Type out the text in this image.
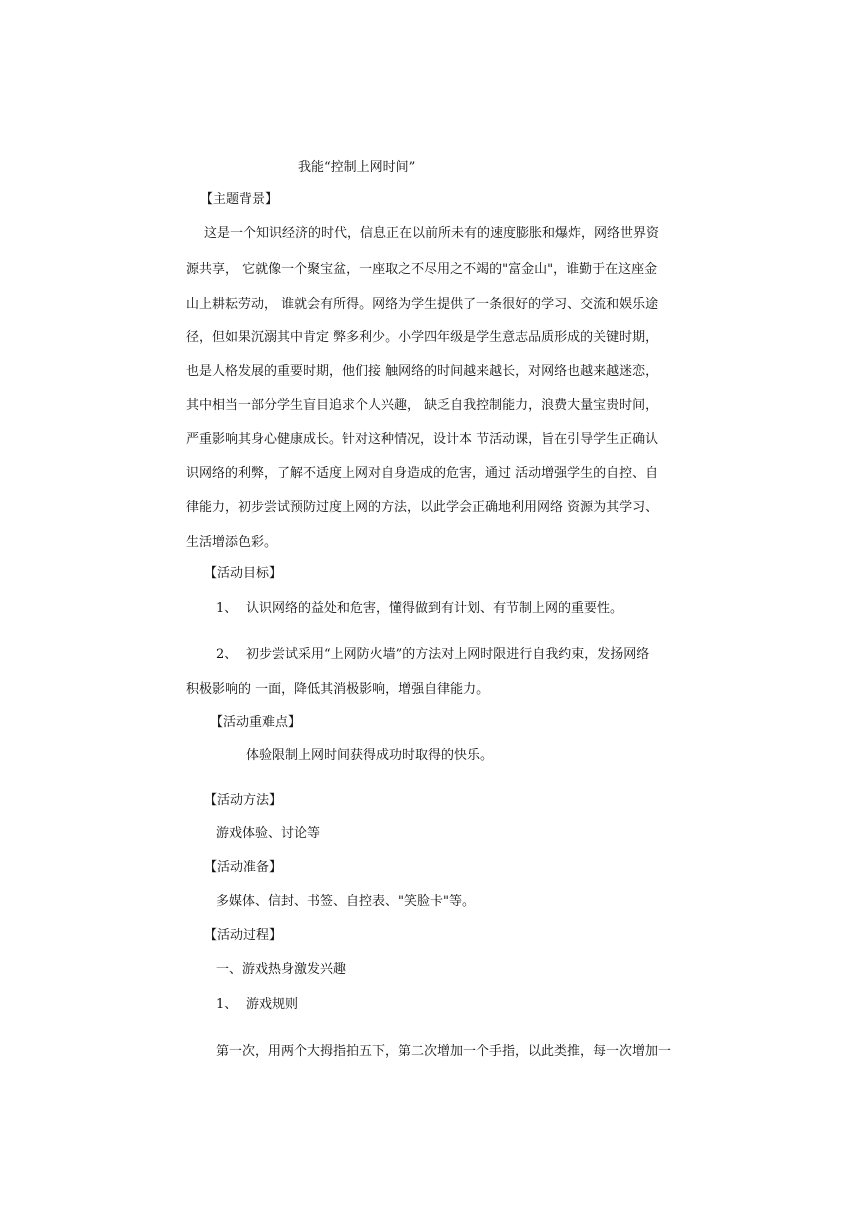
我能“控制上网时间”
【主题背景】
这是一个知识经济的时代，信息正在以前所未有的速度膨胀和爆炸，网络世界资
源共享， 它就像一个聚宝盆，一座取之不尽用之不竭的"富金山"，谁勤于在这座金
山上耕耘劳动， 谁就会有所得。网络为学生提供了一条很好的学习、交流和娱乐途
径，但如果沉溺其中肯定 弊多利少。小学四年级是学生意志品质形成的关键时期，
也是人格发展的重要时期，他们接 触网络的时间越来越长，对网络也越来越迷恋，
其中相当一部分学生盲目追求个人兴趣， 缺乏自我控制能力，浪费大量宝贵时间，
严重影响其身心健康成长。针对这种情况，设计本 节活动课，旨在引导学生正确认
识网络的利弊，了解不适度上网对自身造成的危害，通过 活动增强学生的自控、自
律能力，初步尝试预防过度上网的方法，以此学会正确地利用网络 资源为其学习、
生活增添色彩。
【活动目标】
1、 认识网络的益处和危害，懂得做到有计划、有节制上网的重要性。
2、 初步尝试采用“上网防火墙”的方法对上网时限进行自我约束，发扬网络
积极影响的 一面，降低其消极影响，增强自律能力。
【活动重难点】
体验限制上网时间获得成功时取得的快乐。
【活动方法】
游戏体验、讨论等
【活动准备】
多媒体、信封、书签、自控表、"笑脸卡"等。
【活动过程】
一、游戏热身激发兴趣
1、 游戏规则
第一次，用两个大拇指拍五下，第二次增加一个手指，以此类推，每一次增加一
